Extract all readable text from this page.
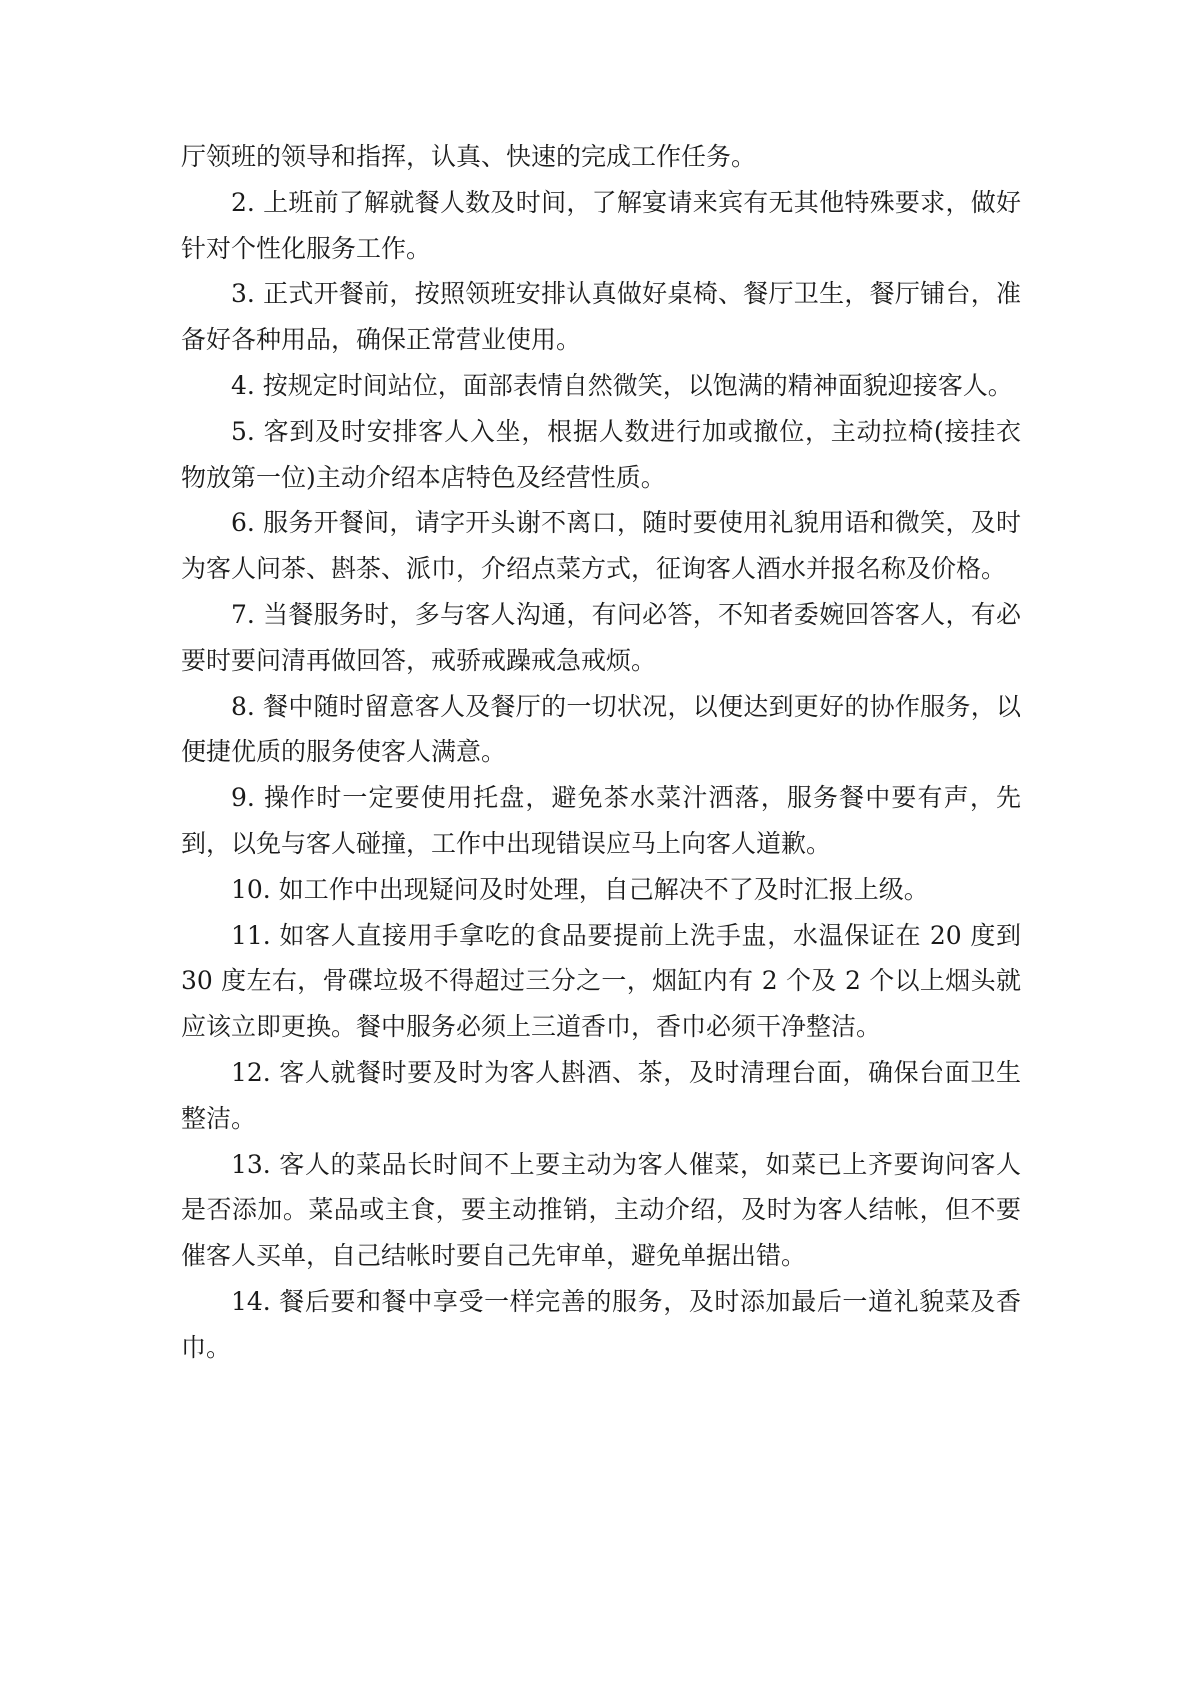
厅领班的领导和指挥，认真、快速的完成工作任务。

2. 上班前了解就餐人数及时间，了解宴请来宾有无其他特殊要求，做好针对个性化服务工作。

3. 正式开餐前，按照领班安排认真做好桌椅、餐厅卫生，餐厅铺台，准备好各种用品，确保正常营业使用。

4. 按规定时间站位，面部表情自然微笑，以饱满的精神面貌迎接客人。

5. 客到及时安排客人入坐，根据人数进行加或撤位，主动拉椅(接挂衣物放第一位)主动介绍本店特色及经营性质。

6. 服务开餐间，请字开头谢不离口，随时要使用礼貌用语和微笑，及时为客人问茶、斟茶、派巾，介绍点菜方式，征询客人酒水并报名称及价格。

7. 当餐服务时，多与客人沟通，有问必答，不知者委婉回答客人，有必要时要问清再做回答，戒骄戒躁戒急戒烦。

8. 餐中随时留意客人及餐厅的一切状况，以便达到更好的协作服务，以便捷优质的服务使客人满意。

9. 操作时一定要使用托盘，避免茶水菜汁洒落，服务餐中要有声，先到，以免与客人碰撞，工作中出现错误应马上向客人道歉。

10. 如工作中出现疑问及时处理，自己解决不了及时汇报上级。

11. 如客人直接用手拿吃的食品要提前上洗手盅，水温保证在 20 度到 30 度左右，骨碟垃圾不得超过三分之一，烟缸内有 2 个及 2 个以上烟头就应该立即更换。餐中服务必须上三道香巾，香巾必须干净整洁。

12. 客人就餐时要及时为客人斟酒、茶，及时清理台面，确保台面卫生整洁。

13. 客人的菜品长时间不上要主动为客人催菜，如菜已上齐要询问客人是否添加。菜品或主食，要主动推销，主动介绍，及时为客人结帐，但不要催客人买单，自己结帐时要自己先审单，避免单据出错。

14. 餐后要和餐中享受一样完善的服务，及时添加最后一道礼貌菜及香巾。
